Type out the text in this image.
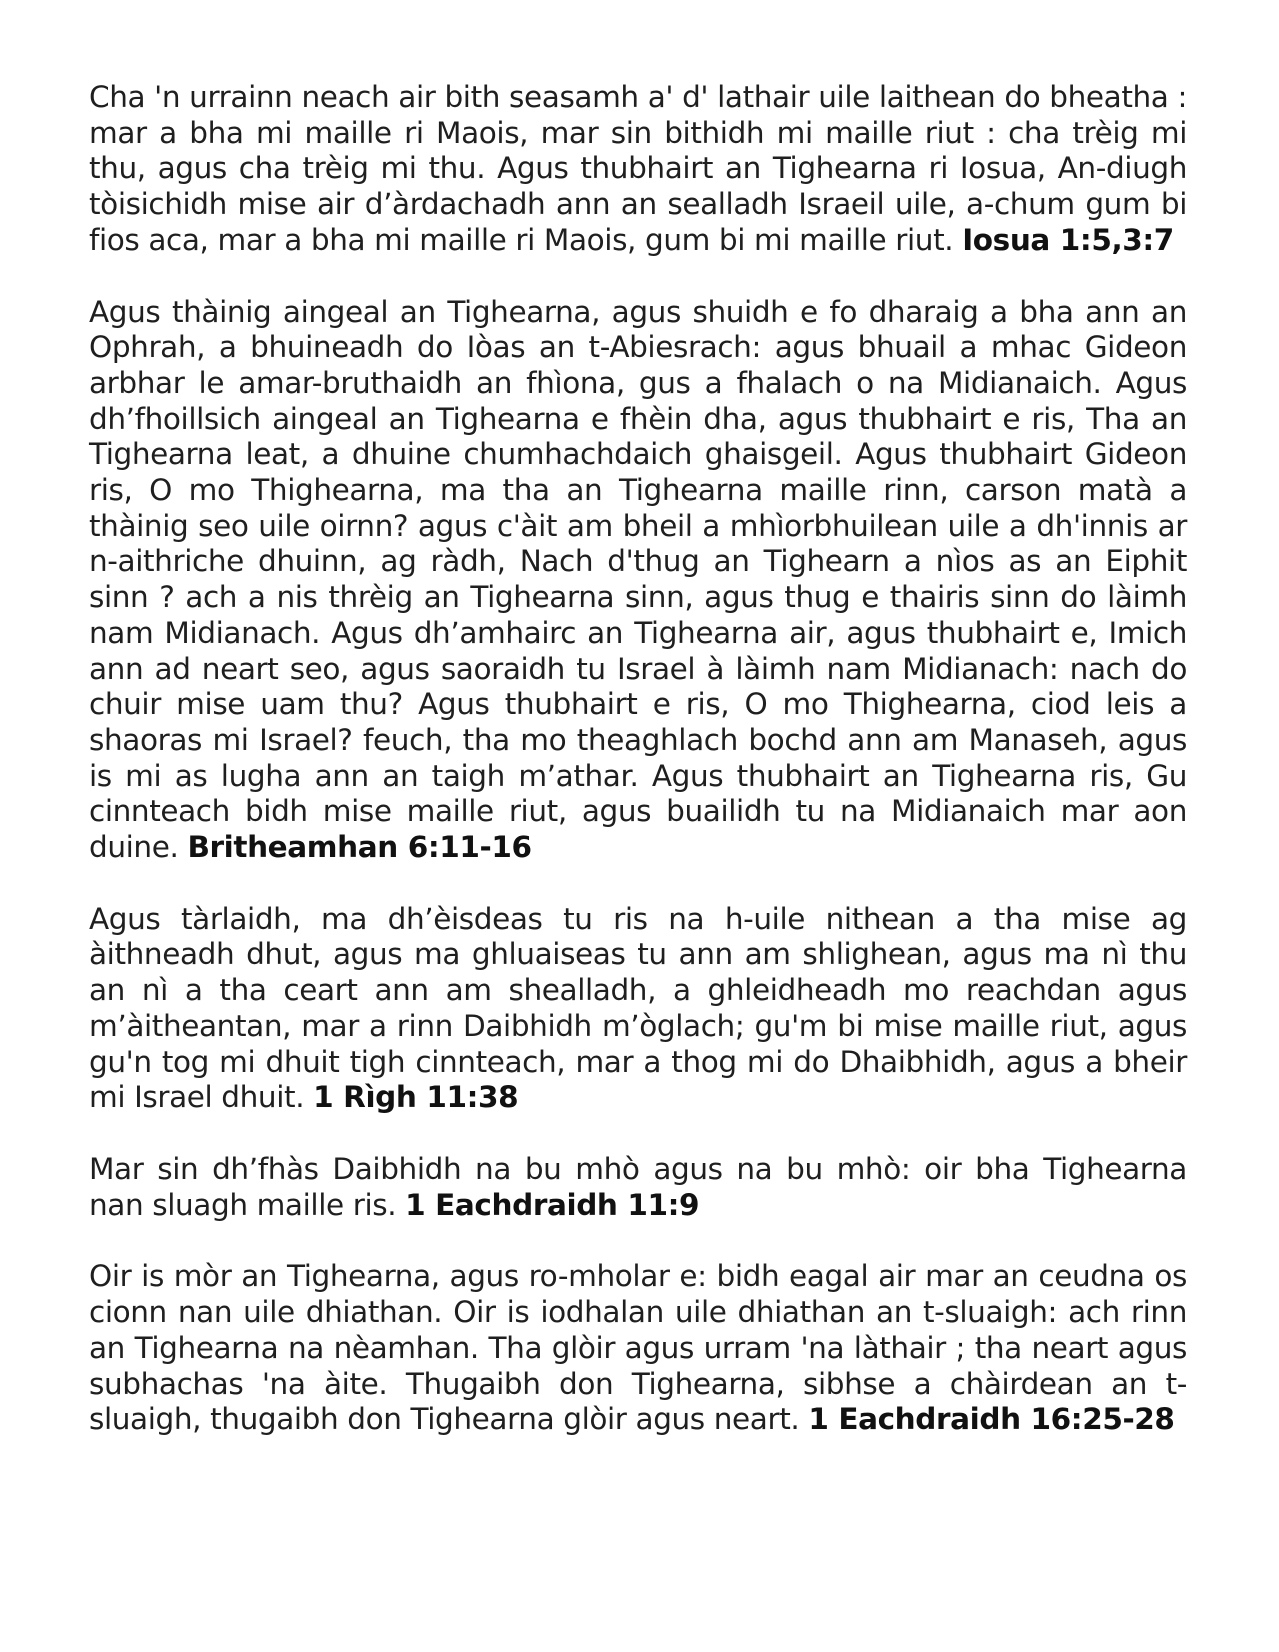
Cha 'n urrainn neach air bith seasamh a' d' lathair uile laithean do bheatha : mar a bha mi maille ri Maois, mar sin bithidh mi maille riut : cha trèig mi thu, agus cha trèig mi thu. Agus thubhairt an Tighearna ri Iosua, An-diugh tòisichidh mise air d’àrdachadh ann an sealladh Israeil uile, a-chum gum bi fios aca, mar a bha mi maille ri Maois, gum bi mi maille riut. Iosua 1:5,3:7

Agus thàinig aingeal an Tighearna, agus shuidh e fo dharaig a bha ann an Ophrah, a bhuineadh do Iòas an t-Abiesrach: agus bhuail a mhac Gideon arbhar le amar-bruthaidh an fhìona, gus a fhalach o na Midianaich. Agus dh’fhoillsich aingeal an Tighearna e fhèin dha, agus thubhairt e ris, Tha an Tighearna leat, a dhuine chumhachdaich ghaisgeil. Agus thubhairt Gideon ris, O mo Thighearna, ma tha an Tighearna maille rinn, carson matà a thàinig seo uile oirnn? agus c'àit am bheil a mhìorbhuilean uile a dh'innis ar n-aithriche dhuinn, ag ràdh, Nach d'thug an Tighearn a nìos as an Eiphit sinn ? ach a nis thrèig an Tighearna sinn, agus thug e thairis sinn do làimh nam Midianach. Agus dh’amhairc an Tighearna air, agus thubhairt e, Imich ann ad neart seo, agus saoraidh tu Israel à làimh nam Midianach: nach do chuir mise uam thu? Agus thubhairt e ris, O mo Thighearna, ciod leis a shaoras mi Israel? feuch, tha mo theaghlach bochd ann am Manaseh, agus is mi as lugha ann an taigh m’athar. Agus thubhairt an Tighearna ris, Gu cinnteach bidh mise maille riut, agus buailidh tu na Midianaich mar aon duine. Britheamhan 6:11-16

Agus tàrlaidh, ma dh’èisdeas tu ris na h-uile nithean a tha mise ag àithneadh dhut, agus ma ghluaiseas tu ann am shlighean, agus ma nì thu an nì a tha ceart ann am shealladh, a ghleidheadh mo reachdan agus m’àitheantan, mar a rinn Daibhidh m’òglach; gu'm bi mise maille riut, agus gu'n tog mi dhuit tigh cinnteach, mar a thog mi do Dhaibhidh, agus a bheir mi Israel dhuit. 1 Rìgh 11:38

Mar sin dh’fhàs Daibhidh na bu mhò agus na bu mhò: oir bha Tighearna nan sluagh maille ris. 1 Eachdraidh 11:9

Oir is mòr an Tighearna, agus ro-mholar e: bidh eagal air mar an ceudna os cionn nan uile dhiathan. Oir is iodhalan uile dhiathan an t-sluaigh: ach rinn an Tighearna na nèamhan. Tha glòir agus urram 'na làthair ; tha neart agus subhachas 'na àite. Thugaibh don Tighearna, sibhse a chàirdean an t-sluaigh, thugaibh don Tighearna glòir agus neart. 1 Eachdraidh 16:25-28
